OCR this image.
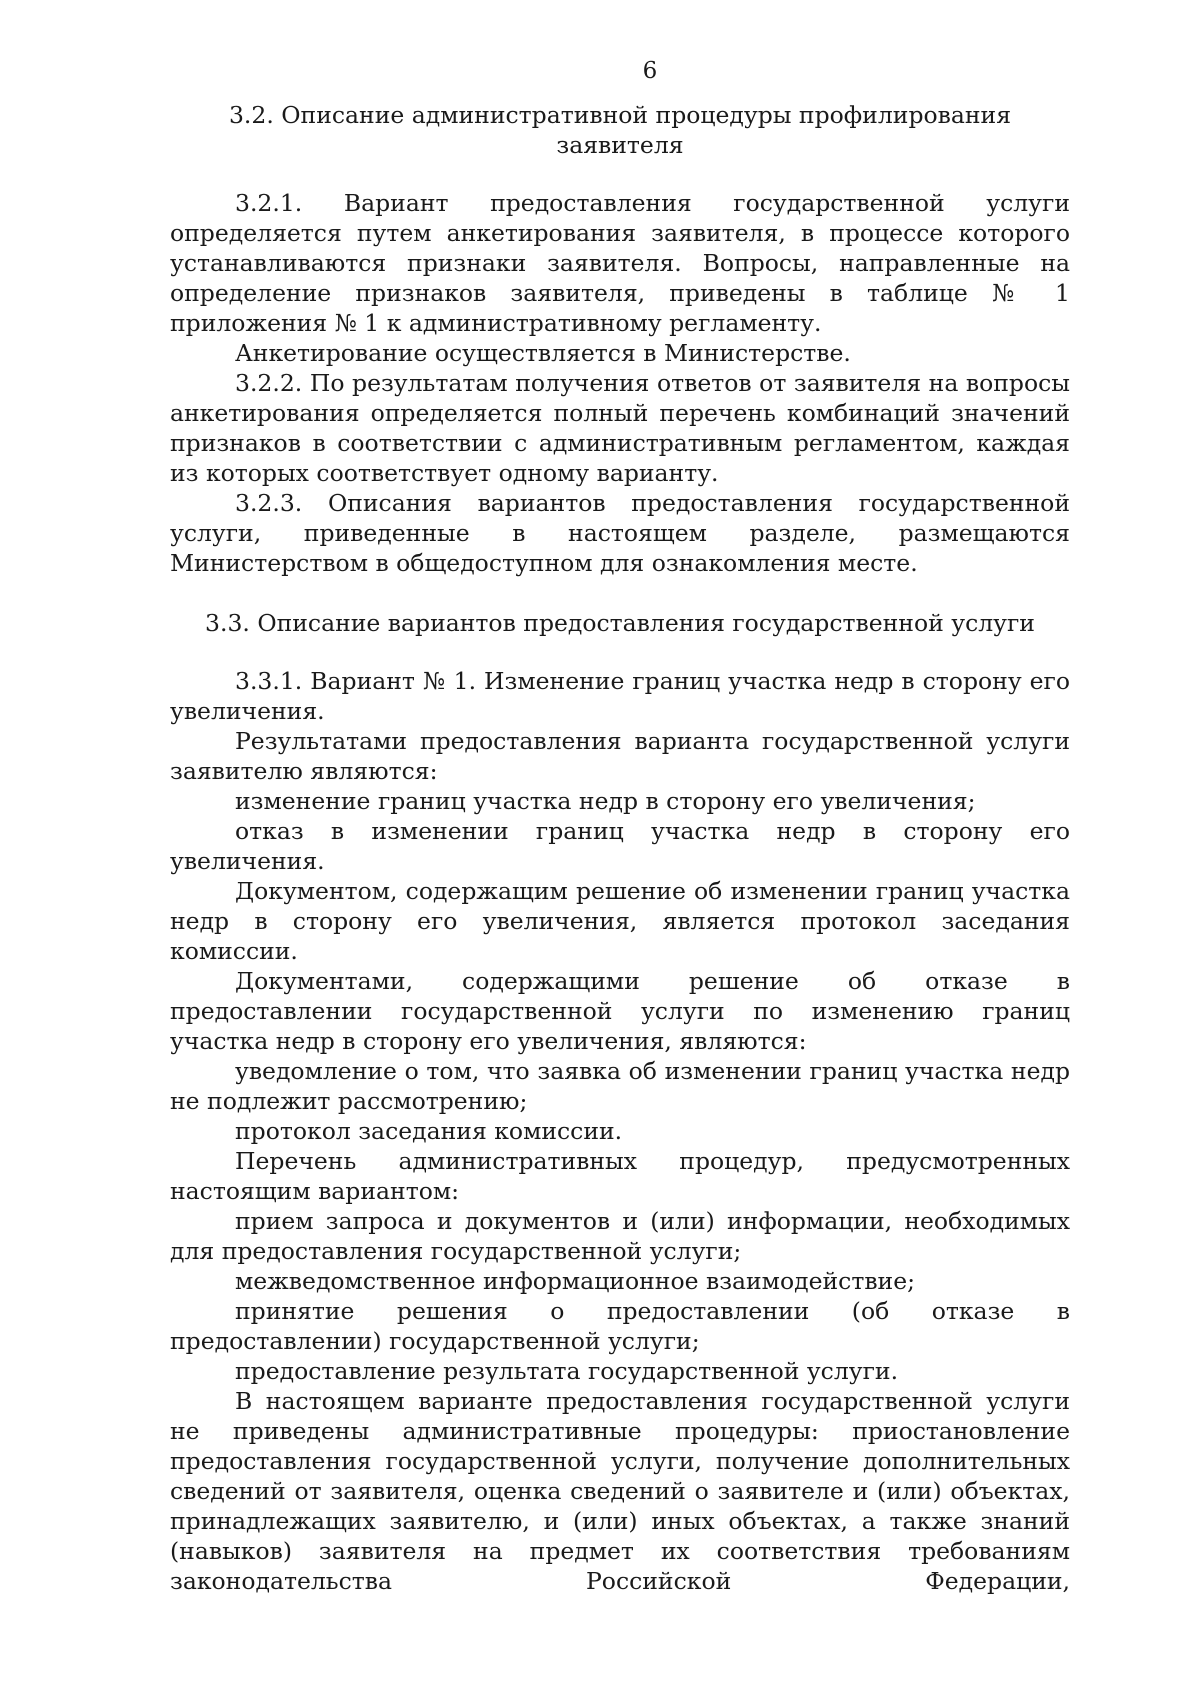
6
3.2. Описание административной процедуры профилирования заявителя

3.2.1. Вариант предоставления государственной услуги определяется путем анкетирования заявителя, в процессе которого устанавливаются признаки заявителя. Вопросы, направленные на определение признаков заявителя, приведены в таблице № 1 приложения № 1 к административному регламенту.

Анкетирование осуществляется в Министерстве.

3.2.2. По результатам получения ответов от заявителя на вопросы анкетирования определяется полный перечень комбинаций значений признаков в соответствии с административным регламентом, каждая из которых соответствует одному варианту.

3.2.3. Описания вариантов предоставления государственной услуги, приведенные в настоящем разделе, размещаются Министерством в общедоступном для ознакомления месте.

3.3. Описание вариантов предоставления государственной услуги

3.3.1. Вариант № 1. Изменение границ участка недр в сторону его увеличения.

Результатами предоставления варианта государственной услуги заявителю являются:

изменение границ участка недр в сторону его увеличения;

отказ в изменении границ участка недр в сторону его увеличения.

Документом, содержащим решение об изменении границ участка недр в сторону его увеличения, является протокол заседания комиссии.

Документами, содержащими решение об отказе в предоставлении государственной услуги по изменению границ участка недр в сторону его увеличения, являются:

уведомление о том, что заявка об изменении границ участка недр не подлежит рассмотрению;

протокол заседания комиссии.

Перечень административных процедур, предусмотренных настоящим вариантом:

прием запроса и документов и (или) информации, необходимых для предоставления государственной услуги;

межведомственное информационное взаимодействие;

принятие решения о предоставлении (об отказе в предоставлении) государственной услуги;

предоставление результата государственной услуги.

В настоящем варианте предоставления государственной услуги не приведены административные процедуры: приостановление предоставления государственной услуги, получение дополнительных сведений от заявителя, оценка сведений о заявителе и (или) объектах, принадлежащих заявителю, и (или) иных объектах, а также знаний (навыков) заявителя на предмет их соответствия требованиям законодательства Российской Федерации,
